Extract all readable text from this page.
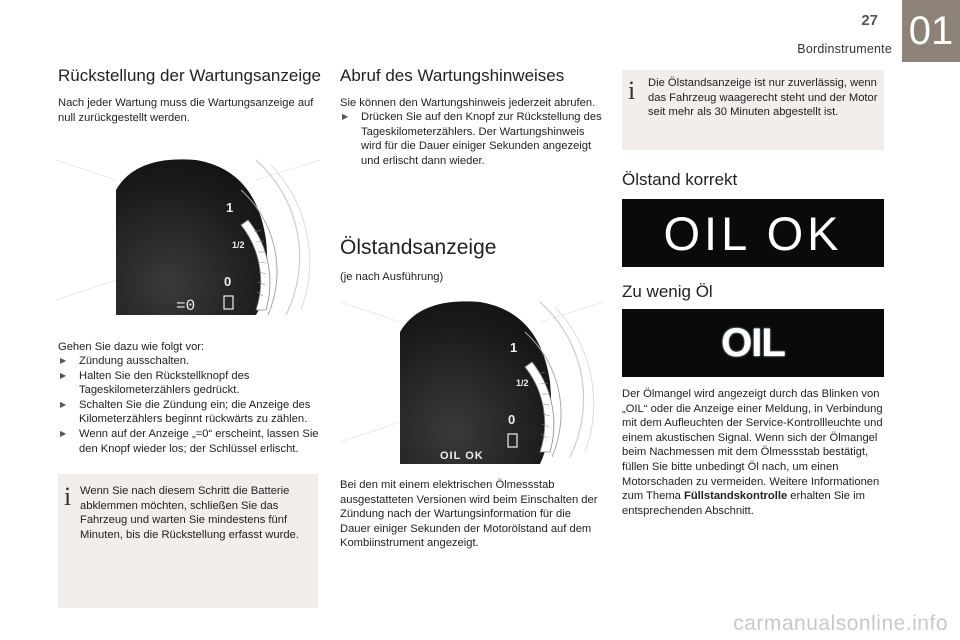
27
Bordinstrumente 01
Rückstellung der Wartungsanzeige

Nach jeder Wartung muss die Wartungsanzeige auf null zurückgestellt werden.

1
1/2
0
=0

Gehen Sie dazu wie folgt vor:

▶ Zündung ausschalten.
▶ Halten Sie den Rückstellknopf des Tageskilometerzählers gedrückt.
▶ Schalten Sie die Zündung ein; die Anzeige des Kilometerzählers beginnt rückwärts zu zählen.
▶ Wenn auf der Anzeige „=0“ erscheint, lassen Sie den Knopf wieder los; der Schlüssel erlischt.
i Wenn Sie nach diesem Schritt die Batterie abklemmen möchten, schließen Sie das Fahrzeug und warten Sie mindestens fünf Minuten, bis die Rückstellung erfasst wurde.

Abruf des Wartungshinweises

Sie können den Wartungshinweis jederzeit abrufen.

▶ Drücken Sie auf den Knopf zur Rückstellung des Tageskilometerzählers. Der Wartungshinweis wird für die Dauer einiger Sekunden angezeigt und erlischt dann wieder.
Ölstandsanzeige

(je nach Ausführung)

1
1/2
0
OIL OK

Bei den mit einem elektrischen Ölmessstab ausgestatteten Versionen wird beim Einschalten der Zündung nach der Wartungsinformation für die Dauer einiger Sekunden der Motorölstand auf dem Kombiinstrument angezeigt.

i Die Ölstandsanzeige ist nur zuverlässig, wenn das Fahrzeug waagerecht steht und der Motor seit mehr als 30 Minuten abgestellt ist.

Ölstand korrekt
OIL OK
Zu wenig Öl
OIL

Der Ölmangel wird angezeigt durch das Blinken von „OIL“ oder die Anzeige einer Meldung, in Verbindung mit dem Aufleuchten der Service-Kontrollleuchte und einem akustischen Signal. Wenn sich der Ölmangel beim Nachmessen mit dem Ölmessstab bestätigt, füllen Sie bitte unbedingt Öl nach, um einen Motorschaden zu vermeiden. Weitere Informationen zum Thema Füllstandskontrolle erhalten Sie im entsprechenden Abschnitt.

carmanualsonline.info
